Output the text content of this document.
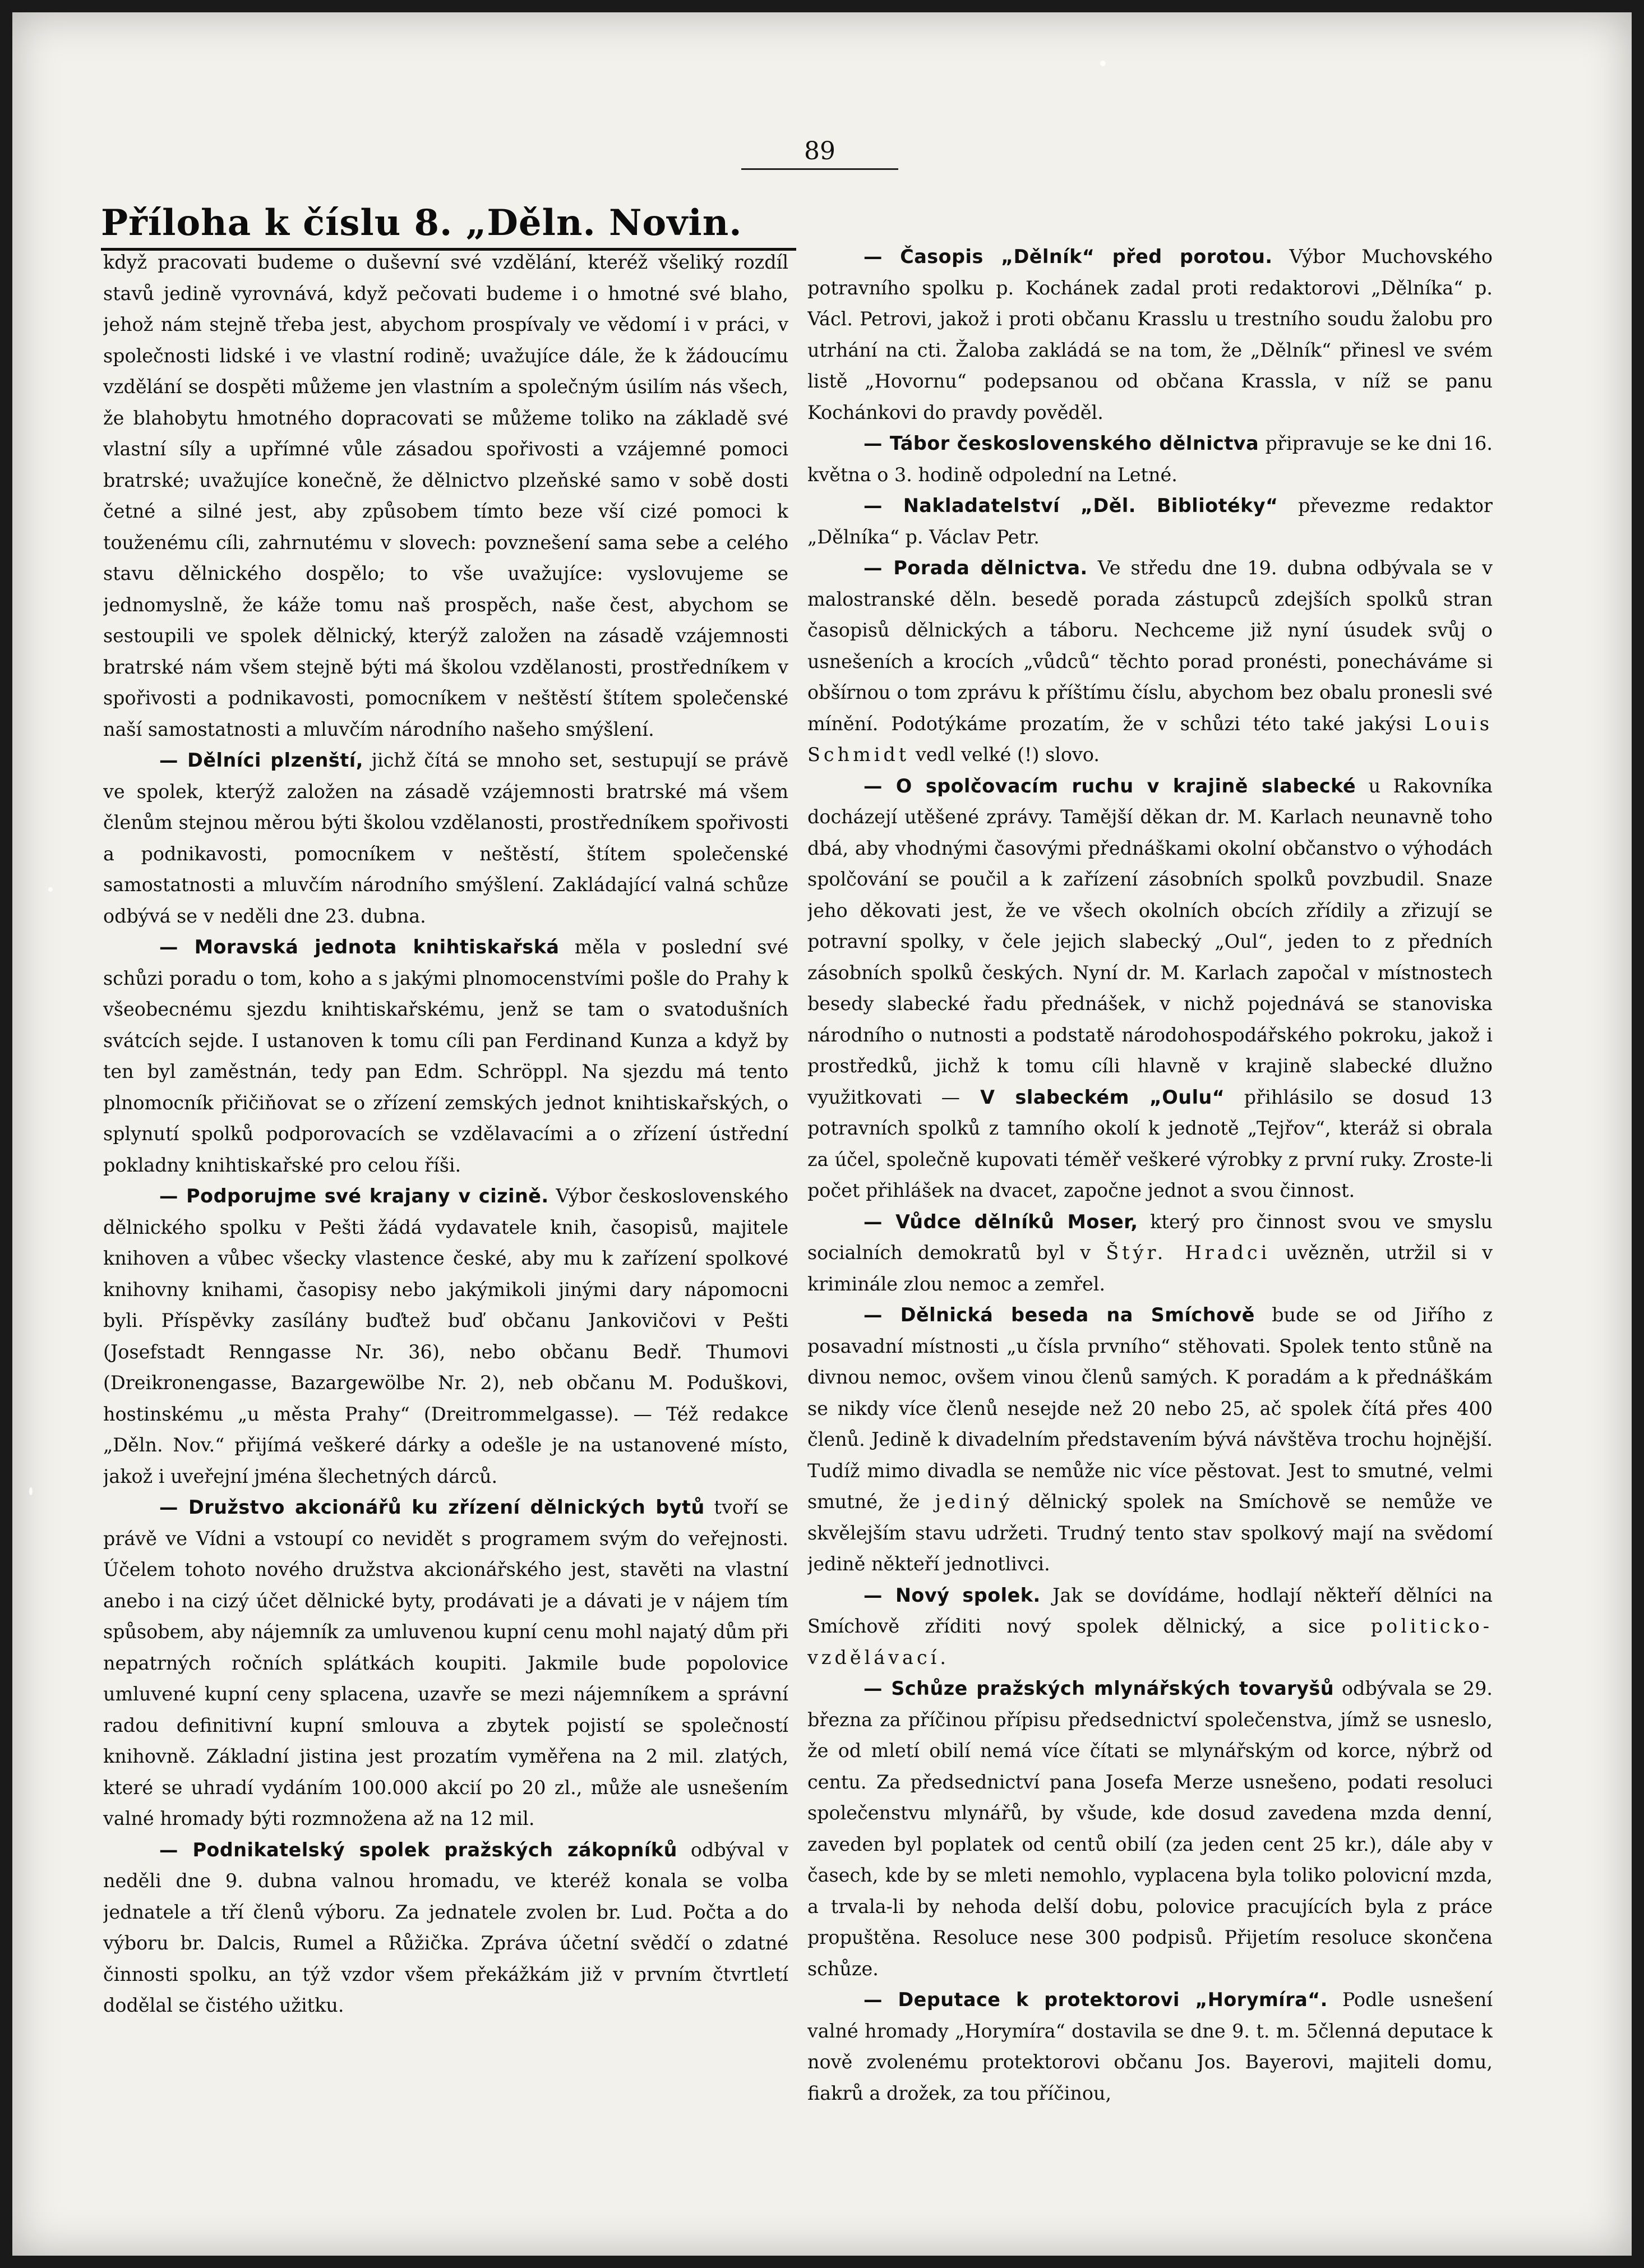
89
Příloha k číslu 8. „Děln. Novin.

když pracovati budeme o duševní své vzdělání, kteréž všeliký rozdíl stavů jedině vyrovnává, když pečovati budeme i o hmotné své blaho, jehož nám stejně třeba jest, abychom prospívaly ve vědomí i v práci, v společnosti lidské i ve vlastní rodině; uvažujíce dále, že k žádoucímu vzdělání se dospěti můžeme jen vlastním a společným úsilím nás všech, že blahobytu hmotného dopracovati se můžeme toliko na základě své vlastní síly a upřímné vůle zásadou spořivosti a vzájemné pomoci bratrské; uvažujíce konečně, že dělnictvo plzeňské samo v sobě dosti četné a silné jest, aby způsobem tímto beze vší cizé pomoci k touženému cíli, zahrnutému v slovech: povznešení sama sebe a celého stavu dělnického dospělo; to vše uvažujíce: vyslovujeme se jednomyslně, že káže tomu naš prospěch, naše čest, abychom se sestoupili ve spolek dělnický, kterýž založen na zásadě vzájemnosti bratrské nám všem stejně býti má školou vzdělanosti, prostředníkem v spořivosti a podnikavosti, pomocníkem v neštěstí štítem společenské naší samostatnosti a mluvčím národního našeho smýšlení.

— Dělníci plzenští, jichž čítá se mnoho set, sestupují se právě ve spolek, kterýž založen na zásadě vzájemnosti bratrské má všem členům stejnou měrou býti školou vzdělanosti, prostředníkem spořivosti a podnikavosti, pomocníkem v neštěstí, štítem společenské samostatnosti a mluvčím národního smýšlení. Zakládající valná schůze odbývá se v neděli dne 23. dubna.

— Moravská jednota knihtiskařská měla v poslední své schůzi poradu o tom, koho a s jakými plnomocenstvími pošle do Prahy k všeobecnému sjezdu knihtiskařskému, jenž se tam o svatodušních svátcích sejde. I ustanoven k tomu cíli pan Ferdinand Kunza a když by ten byl zaměstnán, tedy pan Edm. Schröppl. Na sjezdu má tento plnomocník přičiňovat se o zřízení zemských jednot knihtiskařských, o splynutí spolků podporovacích se vzdělavacími a o zřízení ústřední pokladny knihtiskařské pro celou říši.

— Podporujme své krajany v cizině. Výbor československého dělnického spolku v Pešti žádá vydavatele knih, časopisů, majitele knihoven a vůbec všecky vlastence české, aby mu k zařízení spolkové knihovny knihami, časopisy nebo jakýmikoli jinými dary nápomocni byli. Příspěvky zasílány buďtež buď občanu Jankovičovi v Pešti (Josefstadt Renngasse Nr. 36), nebo občanu Bedř. Thumovi (Dreikronengasse, Bazargewölbe Nr. 2), neb občanu M. Poduškovi, hostinskému „u města Prahy“ (Dreitrommelgasse). — Též redakce „Děln. Nov.“ přijímá veškeré dárky a odešle je na ustanovené místo, jakož i uveřejní jména šlechetných dárců.

— Družstvo akcionářů ku zřízení dělnických bytů tvoří se právě ve Vídni a vstoupí co nevidět s programem svým do veřejnosti. Účelem tohoto nového družstva akcionářského jest, stavěti na vlastní anebo i na cizý účet dělnické byty, prodávati je a dávati je v nájem tím spůsobem, aby nájemník za umluvenou kupní cenu mohl najatý dům při nepatrných ročních splátkách koupiti. Jakmile bude popolovice umluvené kupní ceny splacena, uzavře se mezi nájemníkem a správní radou definitivní kupní smlouva a zbytek pojistí se společností knihovně. Základní jistina jest prozatím vyměřena na 2 mil. zlatých, které se uhradí vydáním 100.000 akcií po 20 zl., může ale usnešením valné hromady býti rozmnožena až na 12 mil.

— Podnikatelský spolek pražských zákopníků odbýval v neděli dne 9. dubna valnou hromadu, ve kteréž konala se volba jednatele a tří členů výboru. Za jednatele zvolen br. Lud. Počta a do výboru br. Dalcis, Rumel a Růžička. Zpráva účetní svědčí o zdatné činnosti spolku, an týž vzdor všem překážkám již v prvním čtvrtletí dodělal se čistého užitku.

— Časopis „Dělník“ před porotou. Výbor Muchovského potravního spolku p. Kochánek zadal proti redaktorovi „Dělníka“ p. Václ. Petrovi, jakož i proti občanu Krasslu u trestního soudu žalobu pro utrhání na cti. Žaloba zakládá se na tom, že „Dělník“ přinesl ve svém listě „Hovornu“ podepsanou od občana Krassla, v níž se panu Kochánkovi do pravdy pověděl.

— Tábor československého dělnictva připravuje se ke dni 16. května o 3. hodině odpolední na Letné.

— Nakladatelství „Děl. Bibliotéky“ převezme redaktor „Dělníka“ p. Václav Petr.

— Porada dělnictva. Ve středu dne 19. dubna odbývala se v malostranské děln. besedě porada zástupců zdejších spolků stran časopisů dělnických a táboru. Nechceme již nyní úsudek svůj o usnešeních a krocích „vůdců“ těchto porad pronésti, ponecháváme si obšírnou o tom zprávu k příštímu číslu, abychom bez obalu pronesli své mínění. Podotýkáme prozatím, že v schůzi této také jakýsi Louis Schmidt vedl velké (!) slovo.

— O spolčovacím ruchu v krajině slabecké u Rakovníka docházejí utěšené zprávy. Tamější děkan dr. M. Karlach neunavně toho dbá, aby vhodnými časovými přednáškami okolní občanstvo o výhodách spolčování se poučil a k zařízení zásobních spolků povzbudil. Snaze jeho děkovati jest, že ve všech okolních obcích zřídily a zřizují se potravní spolky, v čele jejich slabecký „Oul“, jeden to z předních zásobních spolků českých. Nyní dr. M. Karlach započal v místnostech besedy slabecké řadu přednášek, v nichž pojednává se stanoviska národního o nutnosti a podstatě národohospodářského pokroku, jakož i prostředků, jichž k tomu cíli hlavně v krajině slabecké dlužno využitkovati — V slabeckém „Oulu“ přihlásilo se dosud 13 potravních spolků z tamního okolí k jednotě „Tejřov“, kteráž si obrala za účel, společně kupovati téměř veškeré výrobky z první ruky. Zroste-li počet přihlášek na dvacet, započne jednot a svou činnost.

— Vůdce dělníků Moser, který pro činnost svou ve smyslu socialních demokratů byl v Štýr. Hradci uvězněn, utržil si v kriminále zlou nemoc a zemřel.

— Dělnická beseda na Smíchově bude se od Jiřího z posavadní místnosti „u čísla prvního“ stěhovati. Spolek tento stůně na divnou nemoc, ovšem vinou členů samých. K poradám a k přednáškám se nikdy více členů nesejde než 20 nebo 25, ač spolek čítá přes 400 členů. Jedině k divadelním představením bývá návštěva trochu hojnější. Tudíž mimo divadla se nemůže nic více pěstovat. Jest to smutné, velmi smutné, že jediný dělnický spolek na Smíchově se nemůže ve skvělejším stavu udržeti. Trudný tento stav spolkový mají na svědomí jedině někteří jednotlivci.

— Nový spolek. Jak se dovídáme, hodlají někteří dělníci na Smíchově zříditi nový spolek dělnický, a sice politicko-vzdělávací.

— Schůze pražských mlynářských tovaryšů odbývala se 29. března za příčinou přípisu předsednictví společenstva, jímž se usneslo, že od mletí obilí nemá více čítati se mlynářským od korce, nýbrž od centu. Za předsednictví pana Josefa Merze usnešeno, podati resoluci společenstvu mlynářů, by všude, kde dosud zavedena mzda denní, zaveden byl poplatek od centů obilí (za jeden cent 25 kr.), dále aby v časech, kde by se mleti nemohlo, vyplacena byla toliko polovicní mzda, a trvala-li by nehoda delší dobu, polovice pracujících byla z práce propuštěna. Resoluce nese 300 podpisů. Přijetím resoluce skončena schůze.

— Deputace k protektorovi „Horymíra“. Podle usnešení valné hromady „Horymíra“ dostavila se dne 9. t. m. 5členná deputace k nově zvolenému protektorovi občanu Jos. Bayerovi, majiteli domu, fiakrů a drožek, za tou příčinou,
